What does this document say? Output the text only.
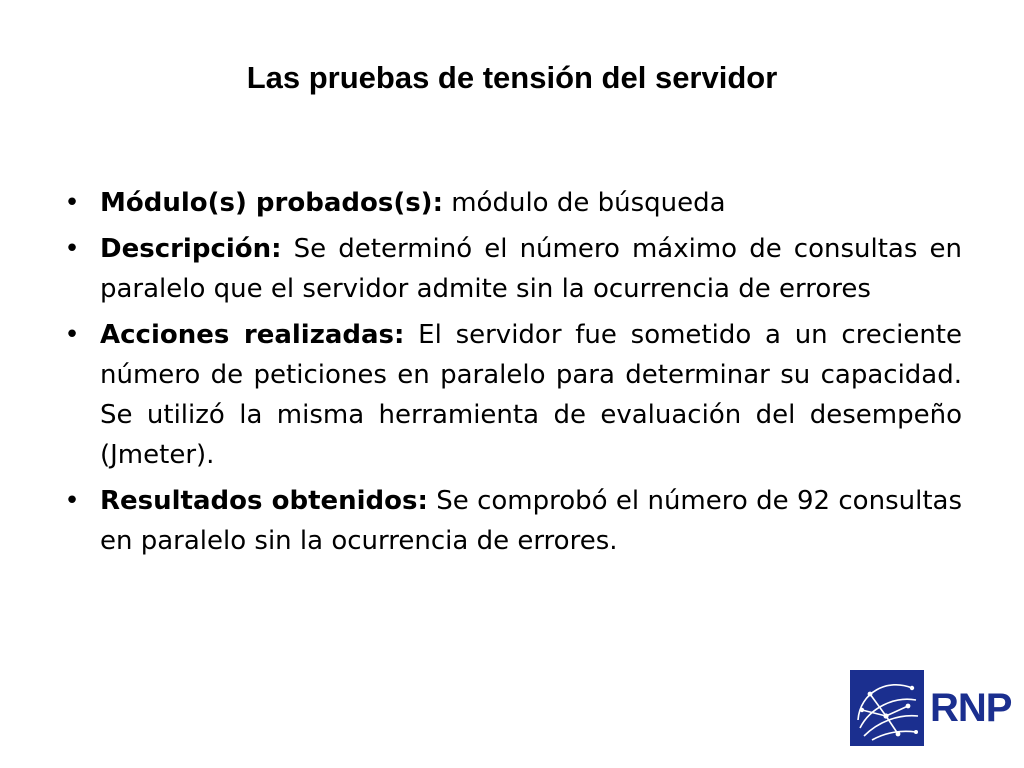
Las pruebas de tensión del servidor
• Módulo(s) probados(s): módulo de búsqueda
• Descripción: Se determinó el número máximo de consultas en paralelo que el servidor admite sin la ocurrencia de errores
• Acciones realizadas: El servidor fue sometido a un creciente número de peticiones en paralelo para determinar su capacidad. Se utilizó la misma herramienta de evaluación del desempeño (Jmeter).
• Resultados obtenidos: Se comprobó el número de 92 consultas en paralelo sin la ocurrencia de errores.
RNP
